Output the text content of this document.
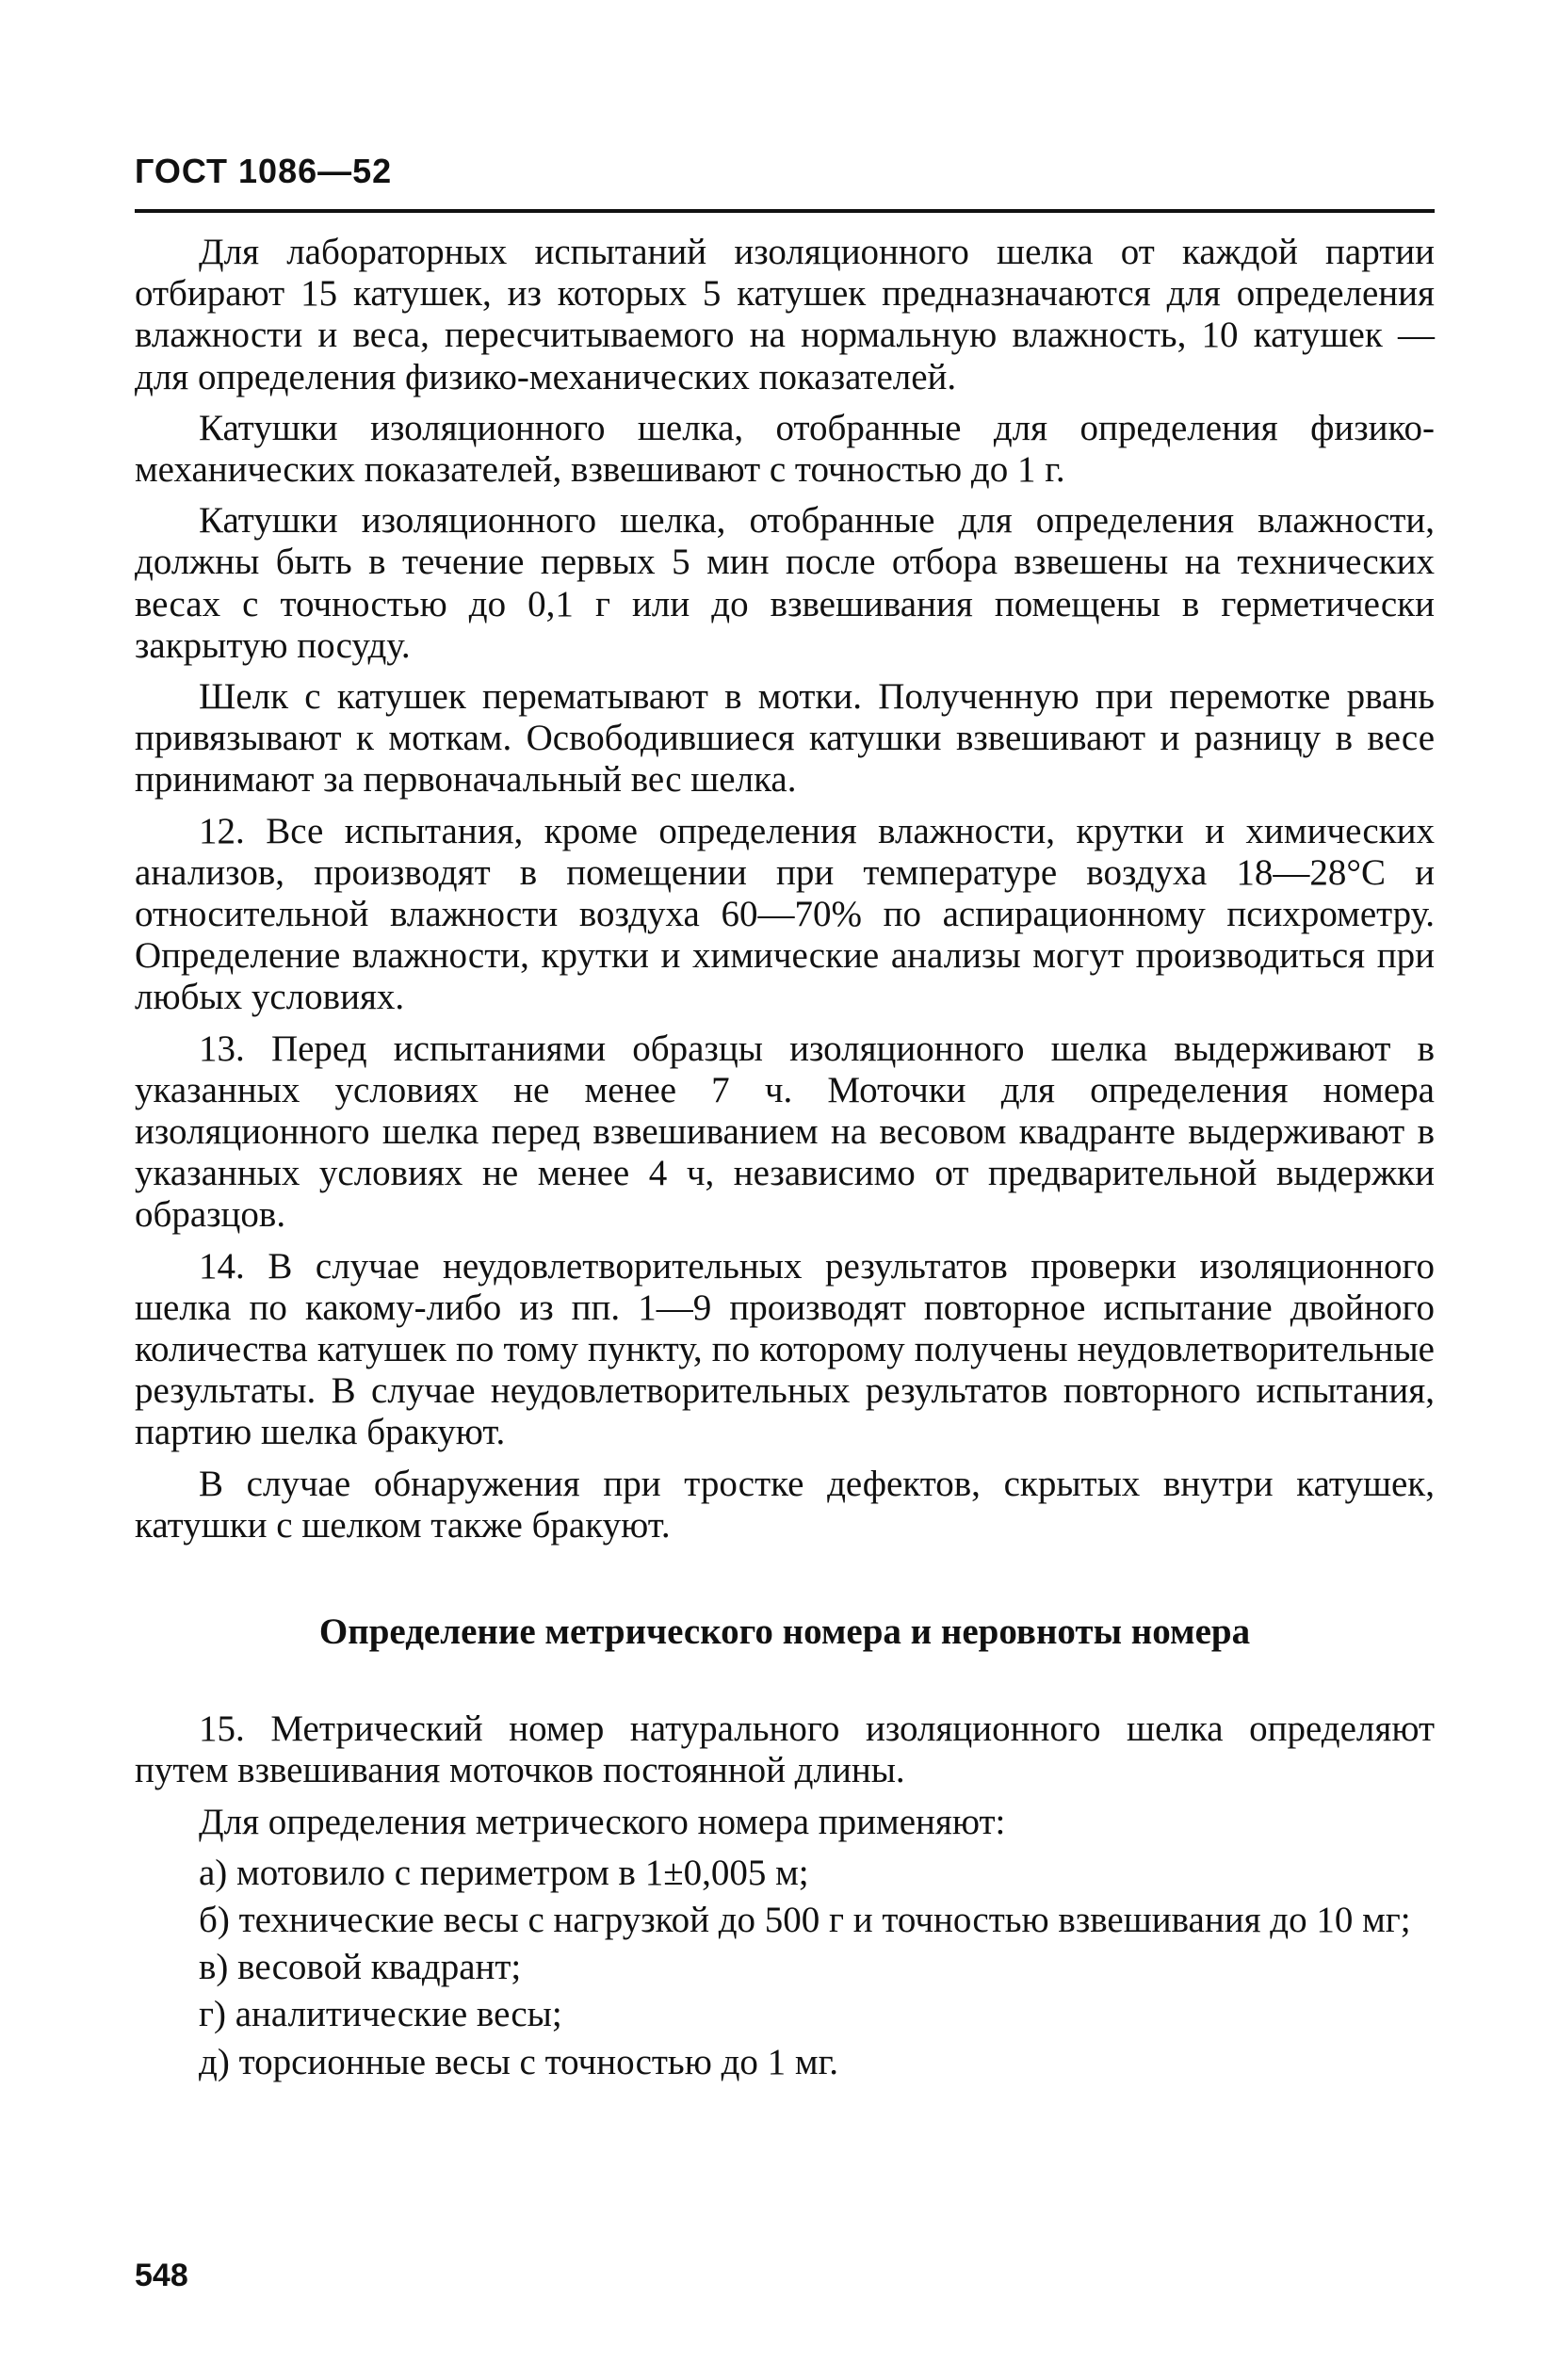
ГОСТ 1086—52

Для лабораторных испытаний изоляционного шелка от каждой партии отбирают 15 катушек, из которых 5 катушек предназначаются для определения влажности и веса, пересчитываемого на нормальную влажность, 10 катушек — для определения физико-механических показателей.

Катушки изоляционного шелка, отобранные для определения физико-механических показателей, взвешивают с точностью до 1 г.

Катушки изоляционного шелка, отобранные для определения влажности, должны быть в течение первых 5 мин после отбора взвешены на технических весах с точностью до 0,1 г или до взвешивания помещены в герметически закрытую посуду.

Шелк с катушек перематывают в мотки. Полученную при перемотке рвань привязывают к моткам. Освободившиеся катушки взвешивают и разницу в весе принимают за первоначальный вес шелка.

12. Все испытания, кроме определения влажности, крутки и химических анализов, производят в помещении при температуре воздуха 18—28°С и относительной влажности воздуха 60—70% по аспирационному психрометру. Определение влажности, крутки и химические анализы могут производиться при любых условиях.

13. Перед испытаниями образцы изоляционного шелка выдерживают в указанных условиях не менее 7 ч. Моточки для определения номера изоляционного шелка перед взвешиванием на весовом квадранте выдерживают в указанных условиях не менее 4 ч, независимо от предварительной выдержки образцов.

14. В случае неудовлетворительных результатов проверки изоляционного шелка по какому-либо из пп. 1—9 производят повторное испытание двойного количества катушек по тому пункту, по которому получены неудовлетворительные результаты. В случае неудовлетворительных результатов повторного испытания, партию шелка бракуют.

В случае обнаружения при тростке дефектов, скрытых внутри катушек, катушки с шелком также бракуют.

Определение метрического номера и неровноты номера

15. Метрический номер натурального изоляционного шелка определяют путем взвешивания моточков постоянной длины.

Для определения метрического номера применяют:

а) мотовило с периметром в 1±0,005 м;

б) технические весы с нагрузкой до 500 г и точностью взвешивания до 10 мг;

в) весовой квадрант;

г) аналитические весы;

д) торсионные весы с точностью до 1 мг.

548
